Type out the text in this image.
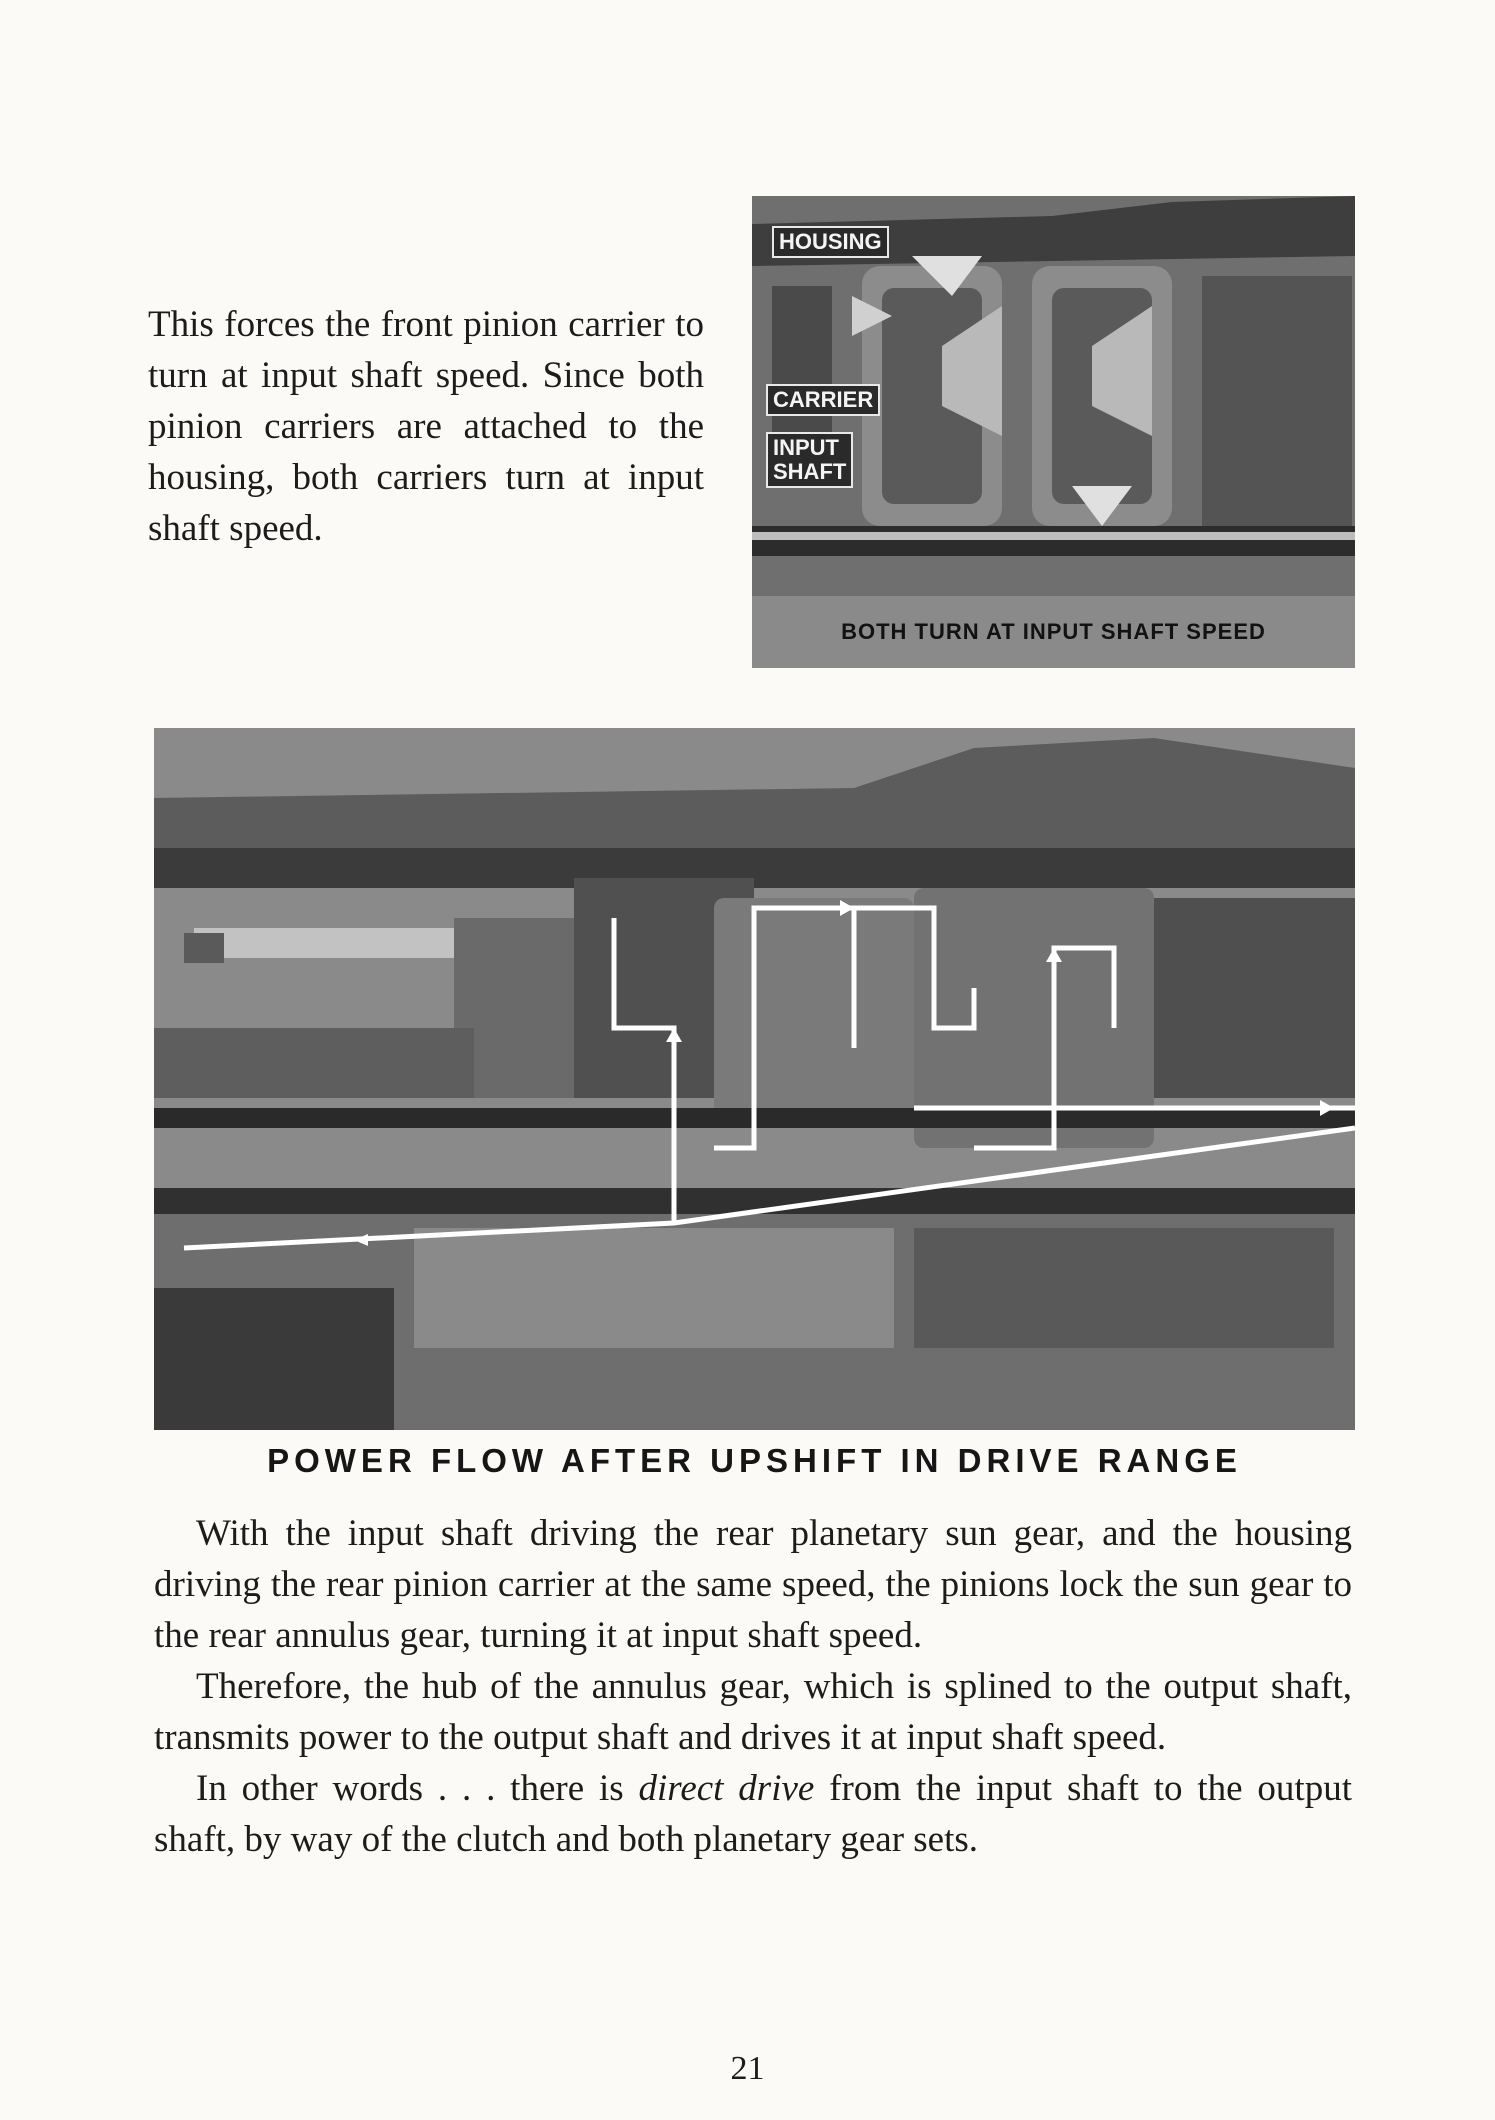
This forces the front pinion carrier to turn at input shaft speed. Since both pinion carriers are attached to the housing, both carriers turn at input shaft speed.

HOUSING
CARRIER
INPUT
SHAFT
BOTH TURN AT INPUT SHAFT SPEED
POWER FLOW AFTER UPSHIFT IN DRIVE RANGE

With the input shaft driving the rear planetary sun gear, and the housing driving the rear pinion carrier at the same speed, the pinions lock the sun gear to the rear annulus gear, turning it at input shaft speed.

Therefore, the hub of the annulus gear, which is splined to the output shaft, transmits power to the output shaft and drives it at input shaft speed.

In other words . . . there is direct drive from the input shaft to the output shaft, by way of the clutch and both planetary gear sets.

21
